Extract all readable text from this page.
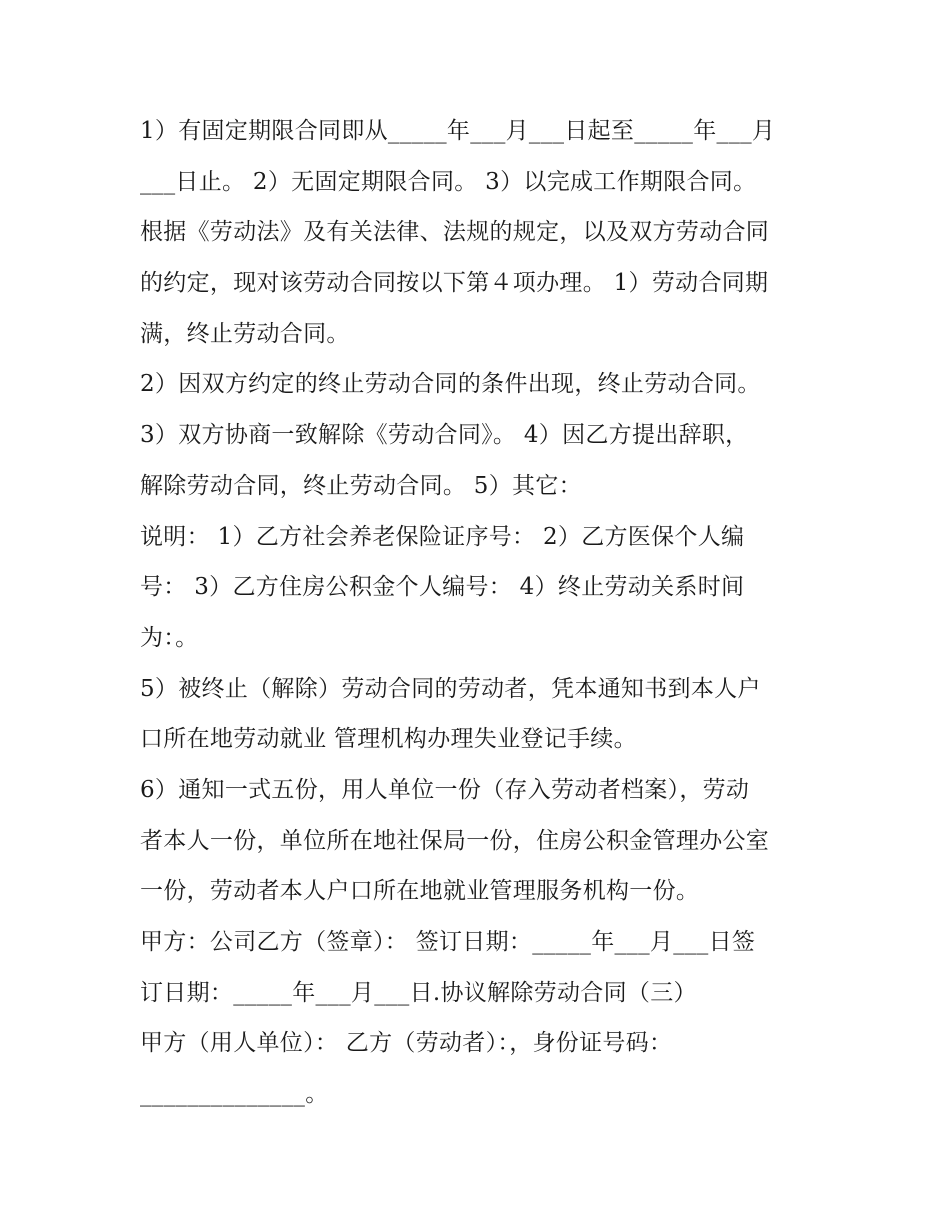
1）有固定期限合同即从_____年___月___日起至_____年___月
___日止。 2）无固定期限合同。 3）以完成工作期限合同。
根据《劳动法》及有关法律、法规的规定，以及双方劳动合同
的约定，现对该劳动合同按以下第４项办理。 1）劳动合同期
满，终止劳动合同。
2）因双方约定的终止劳动合同的条件出现，终止劳动合同。
3）双方协商一致解除《劳动合同》。 4）因乙方提出辞职，
解除劳动合同，终止劳动合同。 5）其它：
说明： 1）乙方社会养老保险证序号： 2）乙方医保个人编
号： 3）乙方住房公积金个人编号： 4）终止劳动关系时间
为：。
5）被终止（解除）劳动合同的劳动者，凭本通知书到本人户
口所在地劳动就业 管理机构办理失业登记手续。
6）通知一式五份，用人单位一份（存入劳动者档案），劳动
者本人一份，单位所在地社保局一份，住房公积金管理办公室
一份，劳动者本人户口所在地就业管理服务机构一份。
甲方：公司乙方（签章）： 签订日期：_____年___月___日签
订日期：_____年___月___日.协议解除劳动合同（三）
甲方（用人单位）： 乙方（劳动者）：，身份证号码：
______________。
